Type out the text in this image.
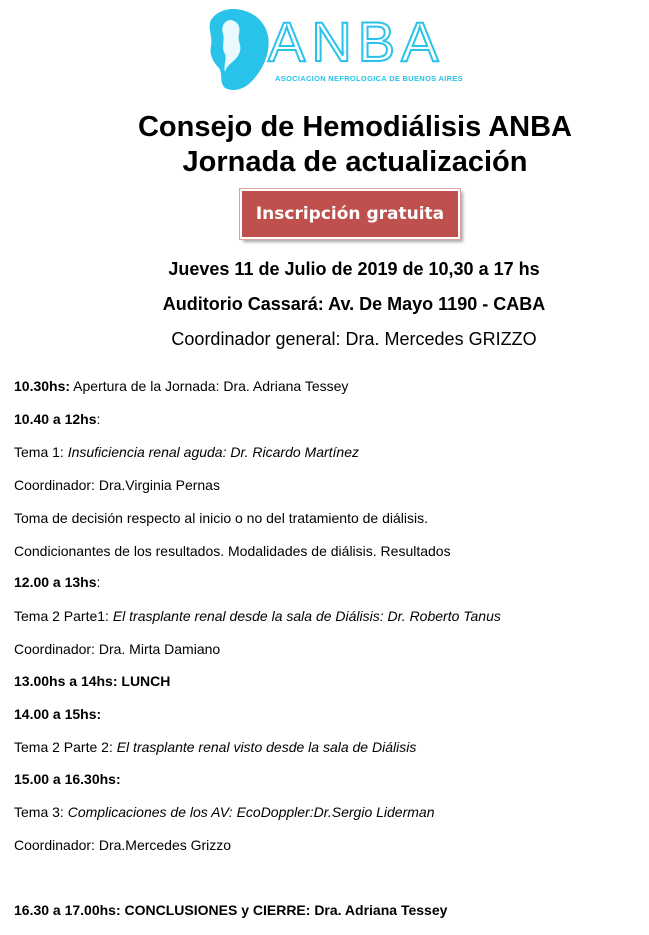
ANBA
ASOCIACION NEFROLOGICA DE BUENOS AIRES
Consejo de Hemodiálisis ANBA
Jornada de actualización
Inscripción gratuita
Jueves 11 de Julio de 2019 de 10,30 a 17 hs
Auditorio Cassará: Av. De Mayo 1190 - CABA
Coordinador general: Dra. Mercedes GRIZZO
10.30hs: Apertura de la Jornada: Dra. Adriana Tessey
10.40 a 12hs:
Tema 1: Insuficiencia renal aguda: Dr. Ricardo Martínez
Coordinador: Dra.Virginia Pernas
Toma de decisión respecto al inicio o no del tratamiento de diálisis.
Condicionantes de los resultados. Modalidades de diálisis. Resultados
12.00 a 13hs:
Tema 2 Parte1: El trasplante renal desde la sala de Diálisis: Dr. Roberto Tanus
Coordinador: Dra. Mirta Damiano
13.00hs a 14hs: LUNCH
14.00 a 15hs:
Tema 2 Parte 2: El trasplante renal visto desde la sala de Diálisis
15.00 a 16.30hs:
Tema 3: Complicaciones de los AV: EcoDoppler:Dr.Sergio Liderman
Coordinador: Dra.Mercedes Grizzo
16.30 a 17.00hs: CONCLUSIONES y CIERRE: Dra. Adriana Tessey
